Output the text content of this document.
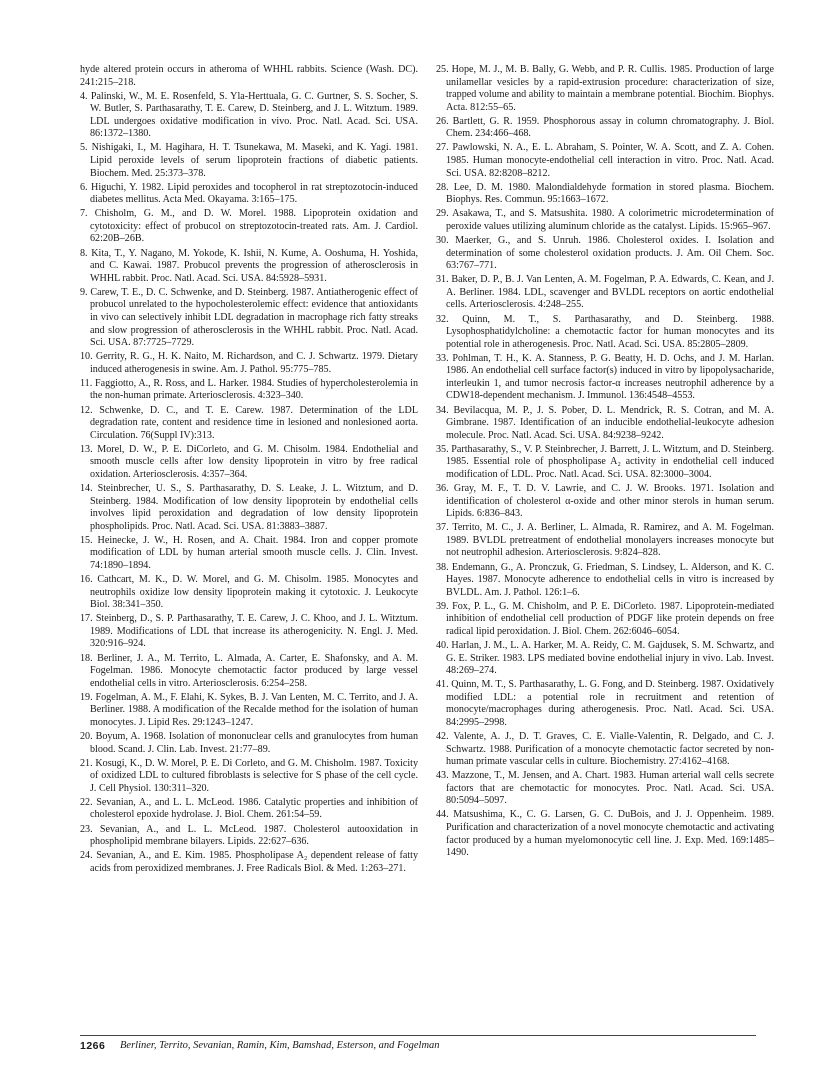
hyde altered protein occurs in atheroma of WHHL rabbits. Science (Wash. DC). 241:215–218.

4. Palinski, W., M. E. Rosenfeld, S. Yla-Herttuala, G. C. Gurtner, S. S. Socher, S. W. Butler, S. Parthasarathy, T. E. Carew, D. Steinberg, and J. L. Witztum. 1989. LDL undergoes oxidative modification in vivo. Proc. Natl. Acad. Sci. USA. 86:1372–1380.

5. Nishigaki, I., M. Hagihara, H. T. Tsunekawa, M. Maseki, and K. Yagi. 1981. Lipid peroxide levels of serum lipoprotein fractions of diabetic patients. Biochem. Med. 25:373–378.

6. Higuchi, Y. 1982. Lipid peroxides and tocopherol in rat streptozotocin-induced diabetes mellitus. Acta Med. Okayama. 3:165–175.

7. Chisholm, G. M., and D. W. Morel. 1988. Lipoprotein oxidation and cytotoxicity: effect of probucol on streptozotocin-treated rats. Am. J. Cardiol. 62:20B–26B.

8. Kita, T., Y. Nagano, M. Yokode, K. Ishii, N. Kume, A. Ooshuma, H. Yoshida, and C. Kawai. 1987. Probucol prevents the progression of atherosclerosis in WHHL rabbit. Proc. Natl. Acad. Sci. USA. 84:5928–5931.

9. Carew, T. E., D. C. Schwenke, and D. Steinberg. 1987. Antiatherogenic effect of probucol unrelated to the hypocholesterolemic effect: evidence that antioxidants in vivo can selectively inhibit LDL degradation in macrophage rich fatty streaks and slow progression of atherosclerosis in the WHHL rabbit. Proc. Natl. Acad. Sci. USA. 87:7725–7729.

10. Gerrity, R. G., H. K. Naito, M. Richardson, and C. J. Schwartz. 1979. Dietary induced atherogenesis in swine. Am. J. Pathol. 95:775–785.

11. Faggiotto, A., R. Ross, and L. Harker. 1984. Studies of hypercholesterolemia in the non-human primate. Arteriosclerosis. 4:323–340.

12. Schwenke, D. C., and T. E. Carew. 1987. Determination of the LDL degradation rate, content and residence time in lesioned and nonlesioned aorta. Circulation. 76(Suppl IV):313.

13. Morel, D. W., P. E. DiCorleto, and G. M. Chisolm. 1984. Endothelial and smooth muscle cells after low density lipoprotein in vitro by free radical oxidation. Arteriosclerosis. 4:357–364.

14. Steinbrecher, U. S., S. Parthasarathy, D. S. Leake, J. L. Witztum, and D. Steinberg. 1984. Modification of low density lipoprotein by endothelial cells involves lipid peroxidation and degradation of low density lipoprotein phospholipids. Proc. Natl. Acad. Sci. USA. 81:3883–3887.

15. Heinecke, J. W., H. Rosen, and A. Chait. 1984. Iron and copper promote modification of LDL by human arterial smooth muscle cells. J. Clin. Invest. 74:1890–1894.

16. Cathcart, M. K., D. W. Morel, and G. M. Chisolm. 1985. Monocytes and neutrophils oxidize low density lipoprotein making it cytotoxic. J. Leukocyte Biol. 38:341–350.

17. Steinberg, D., S. P. Parthasarathy, T. E. Carew, J. C. Khoo, and J. L. Witztum. 1989. Modifications of LDL that increase its atherogenicity. N. Engl. J. Med. 320:916–924.

18. Berliner, J. A., M. Territo, L. Almada, A. Carter, E. Shafonsky, and A. M. Fogelman. 1986. Monocyte chemotactic factor produced by large vessel endothelial cells in vitro. Arteriosclerosis. 6:254–258.

19. Fogelman, A. M., F. Elahi, K. Sykes, B. J. Van Lenten, M. C. Territo, and J. A. Berliner. 1988. A modification of the Recalde method for the isolation of human monocytes. J. Lipid Res. 29:1243–1247.

20. Boyum, A. 1968. Isolation of mononuclear cells and granulocytes from human blood. Scand. J. Clin. Lab. Invest. 21:77–89.

21. Kosugi, K., D. W. Morel, P. E. Di Corleto, and G. M. Chisholm. 1987. Toxicity of oxidized LDL to cultured fibroblasts is selective for S phase of the cell cycle. J. Cell Physiol. 130:311–320.

22. Sevanian, A., and L. L. McLeod. 1986. Catalytic properties and inhibition of cholesterol epoxide hydrolase. J. Biol. Chem. 261:54–59.

23. Sevanian, A., and L. L. McLeod. 1987. Cholesterol autooxidation in phospholipid membrane bilayers. Lipids. 22:627–636.

24. Sevanian, A., and E. Kim. 1985. Phospholipase A₂ dependent release of fatty acids from peroxidized membranes. J. Free Radicals Biol. & Med. 1:263–271.

25. Hope, M. J., M. B. Bally, G. Webb, and P. R. Cullis. 1985. Production of large unilamellar vesicles by a rapid-extrusion procedure: characterization of size, trapped volume and ability to maintain a membrane potential. Biochim. Biophys. Acta. 812:55–65.

26. Bartlett, G. R. 1959. Phosphorous assay in column chromatography. J. Biol. Chem. 234:466–468.

27. Pawlowski, N. A., E. L. Abraham, S. Pointer, W. A. Scott, and Z. A. Cohen. 1985. Human monocyte-endothelial cell interaction in vitro. Proc. Natl. Acad. Sci. USA. 82:8208–8212.

28. Lee, D. M. 1980. Malondialdehyde formation in stored plasma. Biochem. Biophys. Res. Commun. 95:1663–1672.

29. Asakawa, T., and S. Matsushita. 1980. A colorimetric microdetermination of peroxide values utilizing aluminum chloride as the catalyst. Lipids. 15:965–967.

30. Maerker, G., and S. Unruh. 1986. Cholesterol oxides. I. Isolation and determination of some cholesterol oxidation products. J. Am. Oil Chem. Soc. 63:767–771.

31. Baker, D. P., B. J. Van Lenten, A. M. Fogelman, P. A. Edwards, C. Kean, and J. A. Berliner. 1984. LDL, scavenger and BVLDL receptors on aortic endothelial cells. Arteriosclerosis. 4:248–255.

32. Quinn, M. T., S. Parthasarathy, and D. Steinberg. 1988. Lysophosphatidylcholine: a chemotactic factor for human monocytes and its potential role in atherogenesis. Proc. Natl. Acad. Sci. USA. 85:2805–2809.

33. Pohlman, T. H., K. A. Stanness, P. G. Beatty, H. D. Ochs, and J. M. Harlan. 1986. An endothelial cell surface factor(s) induced in vitro by lipopolysacharide, interleukin 1, and tumor necrosis factor-α increases neutrophil adherence by a CDW18-dependent mechanism. J. Immunol. 136:4548–4553.

34. Bevilacqua, M. P., J. S. Pober, D. L. Mendrick, R. S. Cotran, and M. A. Gimbrane. 1987. Identification of an inducible endothelial-leukocyte adhesion molecule. Proc. Natl. Acad. Sci. USA. 84:9238–9242.

35. Parthasarathy, S., V. P. Steinbrecher, J. Barrett, J. L. Witztum, and D. Steinberg. 1985. Essential role of phospholipase A₂ activity in endothelial cell induced modification of LDL. Proc. Natl. Acad. Sci. USA. 82:3000–3004.

36. Gray, M. F., T. D. V. Lawrie, and C. J. W. Brooks. 1971. Isolation and identification of cholesterol α-oxide and other minor sterols in human serum. Lipids. 6:836–843.

37. Territo, M. C., J. A. Berliner, L. Almada, R. Ramirez, and A. M. Fogelman. 1989. BVLDL pretreatment of endothelial monolayers increases monocyte but not neutrophil adhesion. Arteriosclerosis. 9:824–828.

38. Endemann, G., A. Pronczuk, G. Friedman, S. Lindsey, L. Alderson, and K. C. Hayes. 1987. Monocyte adherence to endothelial cells in vitro is increased by BVLDL. Am. J. Pathol. 126:1–6.

39. Fox, P. L., G. M. Chisholm, and P. E. DiCorleto. 1987. Lipoprotein-mediated inhibition of endothelial cell production of PDGF like protein depends on free radical lipid peroxidation. J. Biol. Chem. 262:6046–6054.

40. Harlan, J. M., L. A. Harker, M. A. Reidy, C. M. Gajdusek, S. M. Schwartz, and G. E. Striker. 1983. LPS mediated bovine endothelial injury in vivo. Lab. Invest. 48:269–274.

41. Quinn, M. T., S. Parthasarathy, L. G. Fong, and D. Steinberg. 1987. Oxidatively modified LDL: a potential role in recruitment and retention of monocyte/macrophages during atherogenesis. Proc. Natl. Acad. Sci. USA. 84:2995–2998.

42. Valente, A. J., D. T. Graves, C. E. Vialle-Valentin, R. Delgado, and C. J. Schwartz. 1988. Purification of a monocyte chemotactic factor secreted by non-human primate vascular cells in culture. Biochemistry. 27:4162–4168.

43. Mazzone, T., M. Jensen, and A. Chart. 1983. Human arterial wall cells secrete factors that are chemotactic for monocytes. Proc. Natl. Acad. Sci. USA. 80:5094–5097.

44. Matsushima, K., C. G. Larsen, G. C. DuBois, and J. J. Oppenheim. 1989. Purification and characterization of a novel monocyte chemotactic and activating factor produced by a human myelomonocytic cell line. J. Exp. Med. 169:1485–1490.

1266 Berliner, Territo, Sevanian, Ramin, Kim, Bamshad, Esterson, and Fogelman
